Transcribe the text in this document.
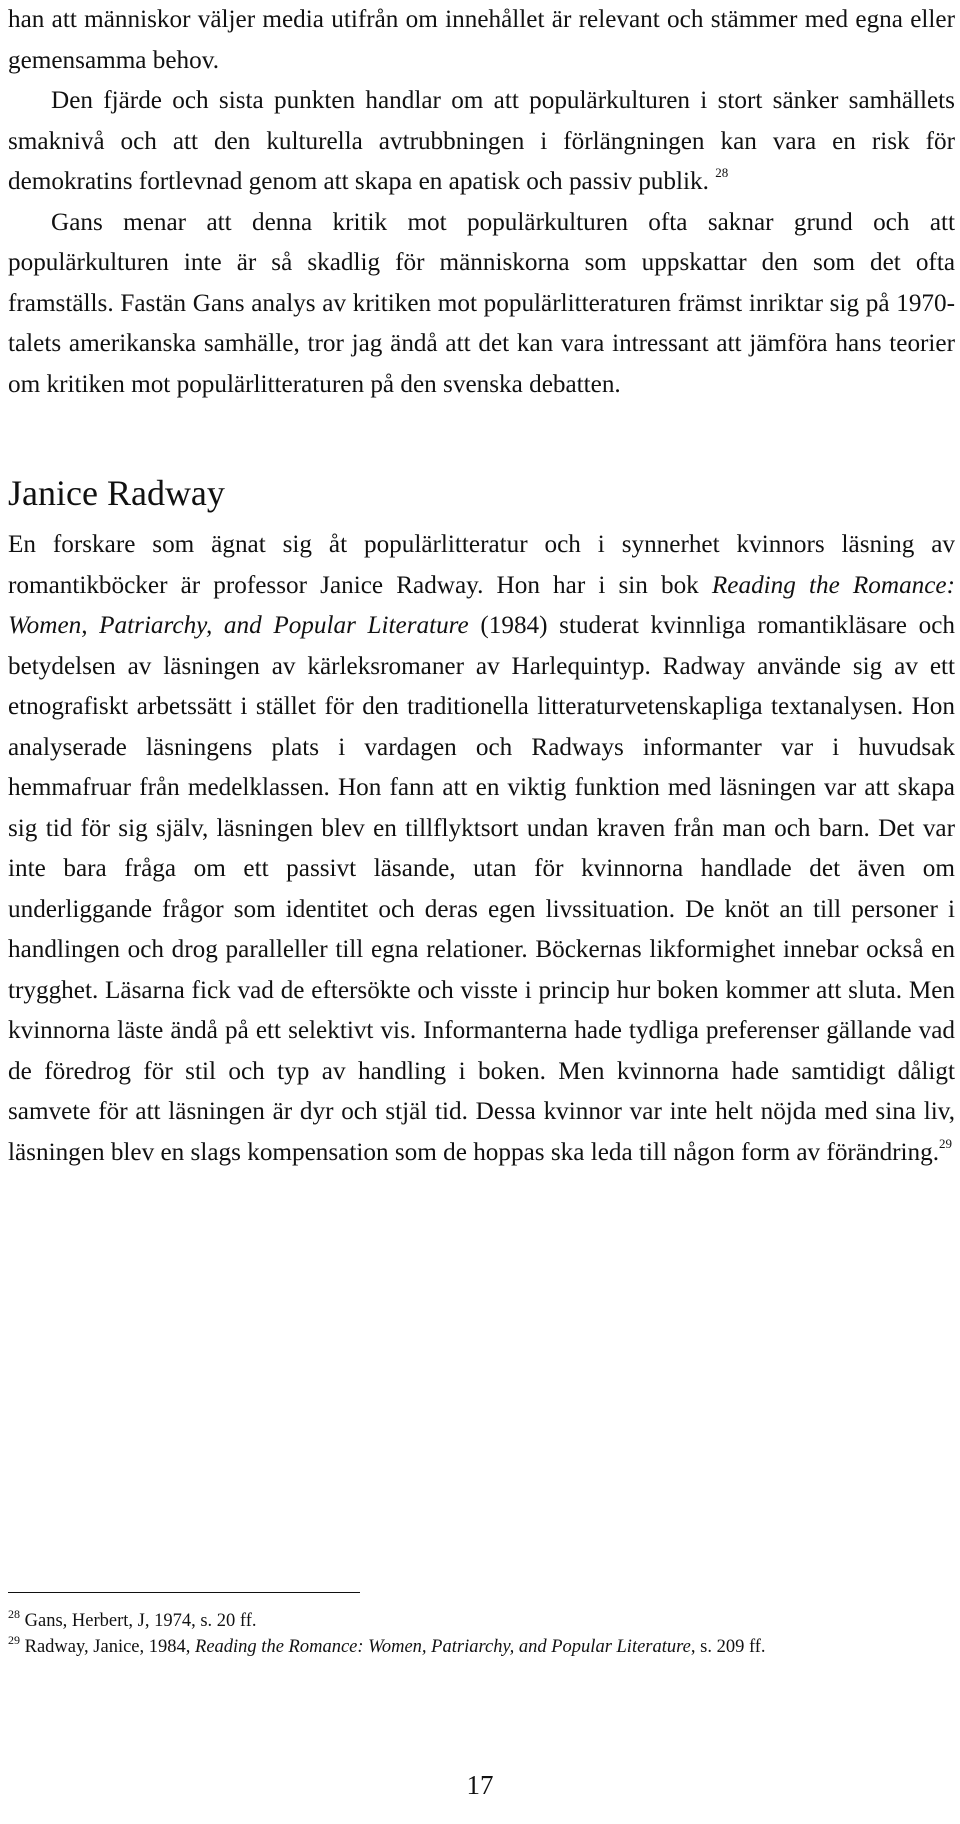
han att människor väljer media utifrån om innehållet är relevant och stämmer med egna eller gemensamma behov.

Den fjärde och sista punkten handlar om att populärkulturen i stort sänker samhällets smaknivå och att den kulturella avtrubbningen i förlängningen kan vara en risk för demokratins fortlevnad genom att skapa en apatisk och passiv publik. $^{28}$

Gans menar att denna kritik mot populärkulturen ofta saknar grund och att populärkulturen inte är så skadlig för människorna som uppskattar den som det ofta framställs. Fastän Gans analys av kritiken mot populärlitteraturen främst inriktar sig på 1970-talets amerikanska samhälle, tror jag ändå att det kan vara intressant att jämföra hans teorier om kritiken mot populärlitteraturen på den svenska debatten.

Janice Radway

En forskare som ägnat sig åt populärlitteratur och i synnerhet kvinnors läsning av romantikböcker är professor Janice Radway. Hon har i sin bok Reading the Romance: Women, Patriarchy, and Popular Literature (1984) studerat kvinnliga romantikläsare och betydelsen av läsningen av kärleksromaner av Harlequintyp. Radway använde sig av ett etnografiskt arbetssätt i stället för den traditionella litteraturvetenskapliga textanalysen. Hon analyserade läsningens plats i vardagen och Radways informanter var i huvudsak hemmafruar från medelklassen. Hon fann att en viktig funktion med läsningen var att skapa sig tid för sig själv, läsningen blev en tillflyktsort undan kraven från man och barn. Det var inte bara fråga om ett passivt läsande, utan för kvinnorna handlade det även om underliggande frågor som identitet och deras egen livssituation. De knöt an till personer i handlingen och drog paralleller till egna relationer. Böckernas likformighet innebar också en trygghet. Läsarna fick vad de eftersökte och visste i princip hur boken kommer att sluta. Men kvinnorna läste ändå på ett selektivt vis. Informanterna hade tydliga preferenser gällande vad de föredrog för stil och typ av handling i boken. Men kvinnorna hade samtidigt dåligt samvete för att läsningen är dyr och stjäl tid. Dessa kvinnor var inte helt nöjda med sina liv, läsningen blev en slags kompensation som de hoppas ska leda till någon form av förändring.$^{29}$

$^{28}$ Gans, Herbert, J, 1974, s. 20 ff.
$^{29}$ Radway, Janice, 1984, Reading the Romance: Women, Patriarchy, and Popular Literature, s. 209 ff.
17
